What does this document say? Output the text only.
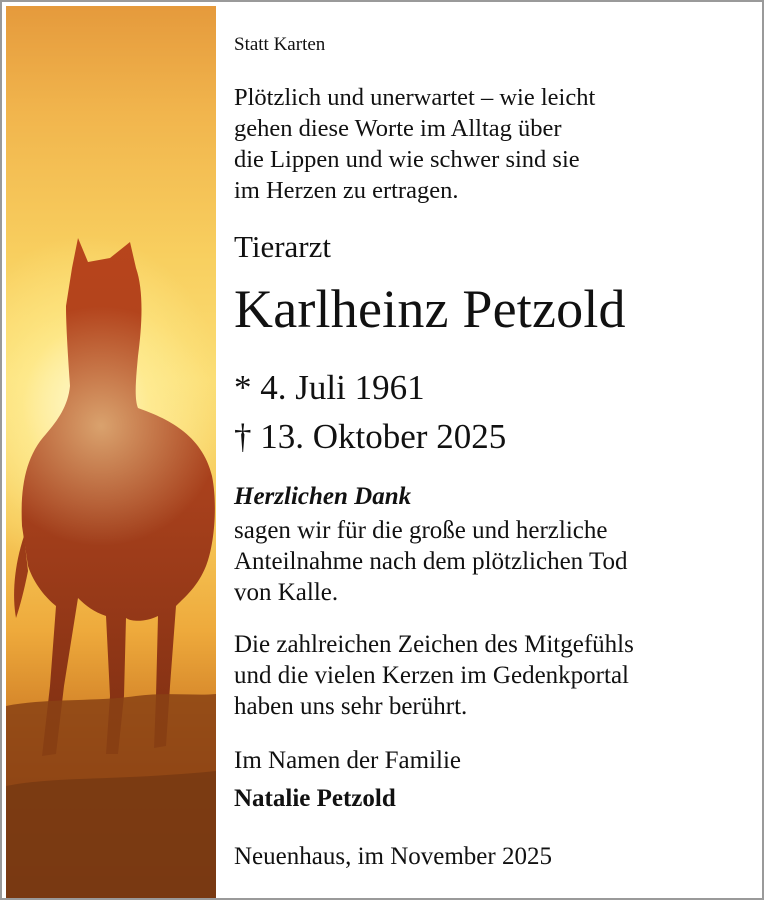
Statt Karten
Plötzlich und unerwartet – wie leicht
gehen diese Worte im Alltag über
die Lippen und wie schwer sind sie
im Herzen zu ertragen.
Tierarzt
Karlheinz Petzold
* 4. Juli 1961
† 13. Oktober 2025
Herzlichen Dank
sagen wir für die große und herzliche
Anteilnahme nach dem plötzlichen Tod
von Kalle.
Die zahlreichen Zeichen des Mitgefühls
und die vielen Kerzen im Gedenkportal
haben uns sehr berührt.
Im Namen der Familie
Natalie Petzold
Neuenhaus, im November 2025
